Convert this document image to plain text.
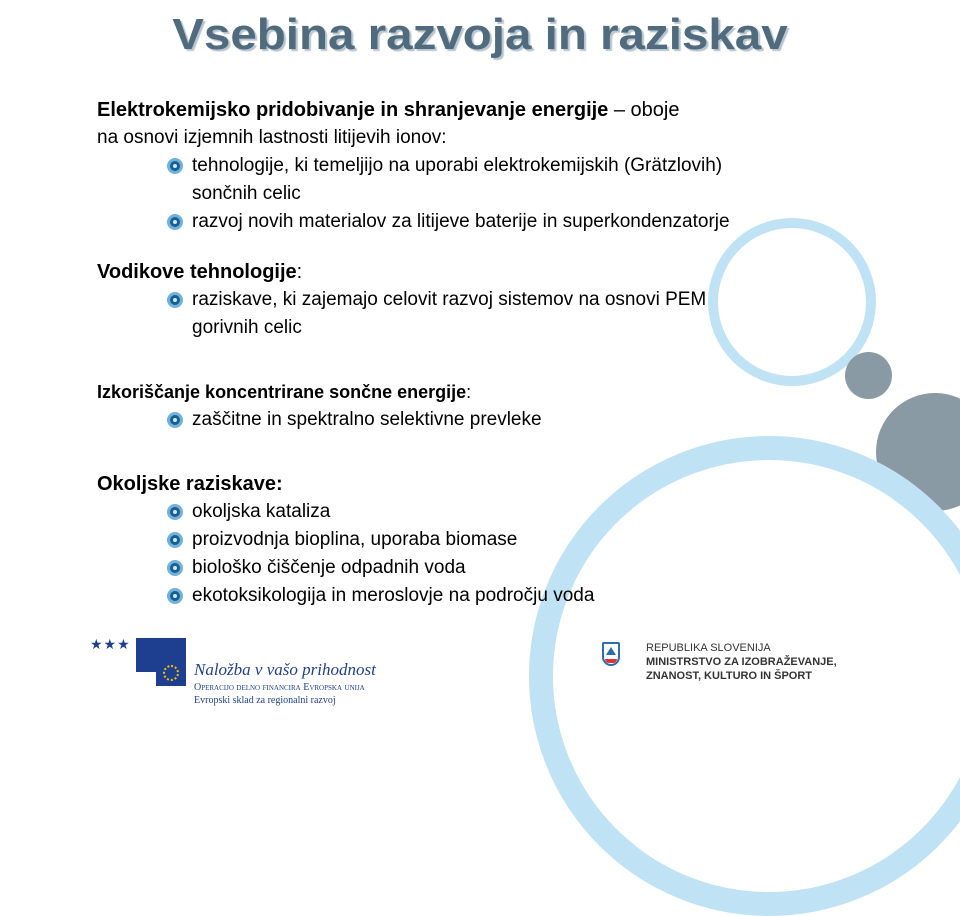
Vsebina razvoja in raziskav
Elektrokemijsko pridobivanje in shranjevanje energije – oboje
na osnovi izjemnih lastnosti litijevih ionov:
tehnologije, ki temeljijo na uporabi elektrokemijskih (Grätzlovih)
sončnih celic
razvoj novih materialov za litijeve baterije in superkondenzatorje
Vodikove tehnologije:
raziskave, ki zajemajo celovit razvoj sistemov na osnovi PEM
gorivnih celic
Izkoriščanje koncentrirane sončne energije:
zaščitne in spektralno selektivne prevleke
Okoljske raziskave:
okoljska kataliza
proizvodnja bioplina, uporaba biomase
biološko čiščenje odpadnih voda
ekotoksikologija in meroslovje na področju voda
★★★
Naložba v vašo prihodnost
Operacijo delno financira Evropska unija
Evropski sklad za regionalni razvoj
REPUBLIKA SLOVENIJA
MINISTRSTVO ZA IZOBRAŽEVANJE,
ZNANOST, KULTURO IN ŠPORT
